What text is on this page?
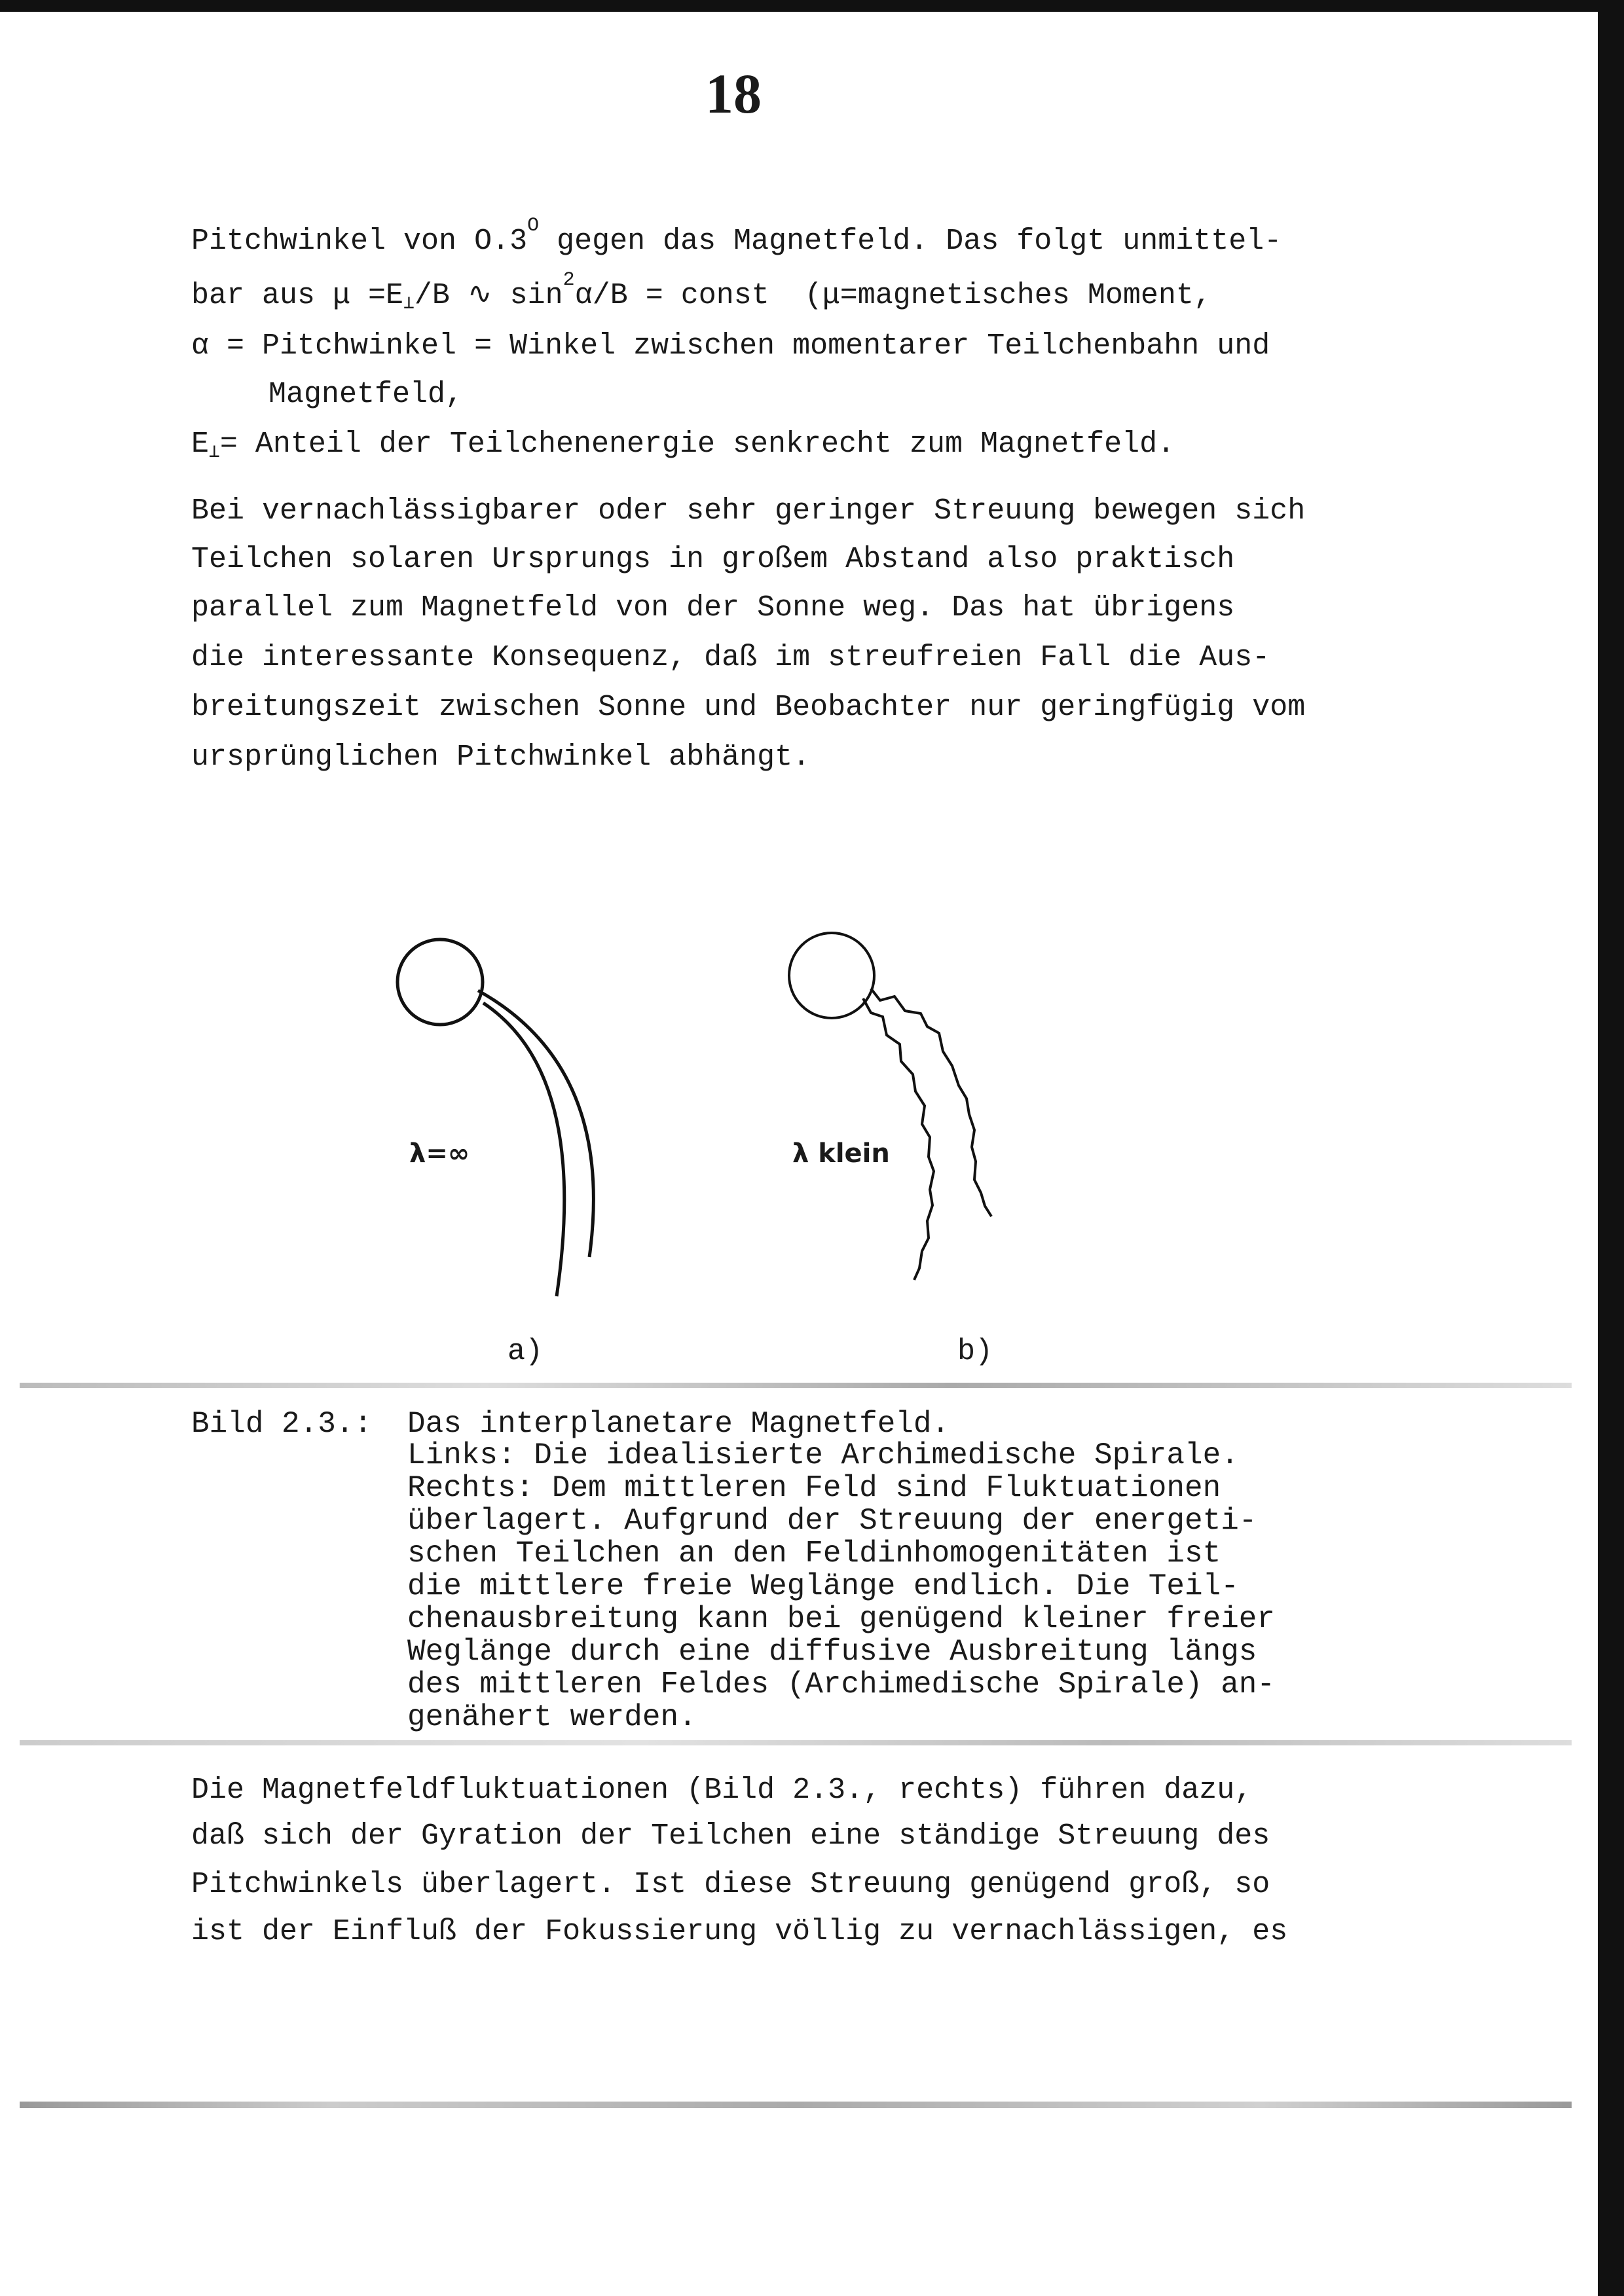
18
Pitchwinkel von $O.3^O$ gegen das Magnetfeld. Das folgt unmittel-
bar aus $\mu =E_\perp/B$ ∿ $\sin^2\alpha/B$ = const  (μ=magnetisches Moment,
α = Pitchwinkel = Winkel zwischen momentarer Teilchenbahn und
Magnetfeld,
$E_\perp=$ Anteil der Teilchenenergie senkrecht zum Magnetfeld.
Bei vernachlässigbarer oder sehr geringer Streuung bewegen sich
Teilchen solaren Ursprungs in großem Abstand also praktisch
parallel zum Magnetfeld von der Sonne weg. Das hat übrigens
die interessante Konsequenz, daß im streufreien Fall die Aus-
breitungszeit zwischen Sonne und Beobachter nur geringfügig vom
ursprünglichen Pitchwinkel abhängt.
λ=∞	λ klein
a)	b)
Bild 2.3.: Das interplanetare Magnetfeld.
Links: Die idealisierte Archimedische Spirale.
Rechts: Dem mittleren Feld sind Fluktuationen
überlagert. Aufgrund der Streuung der energeti-
schen Teilchen an den Feldinhomogenitäten ist
die mittlere freie Weglänge endlich. Die Teil-
chenausbreitung kann bei genügend kleiner freier
Weglänge durch eine diffusive Ausbreitung längs
des mittleren Feldes (Archimedische Spirale) an-
genähert werden.
Die Magnetfeldfluktuationen (Bild 2.3., rechts) führen dazu,
daß sich der Gyration der Teilchen eine ständige Streuung des
Pitchwinkels überlagert. Ist diese Streuung genügend groß, so
ist der Einfluß der Fokussierung völlig zu vernachlässigen, es
